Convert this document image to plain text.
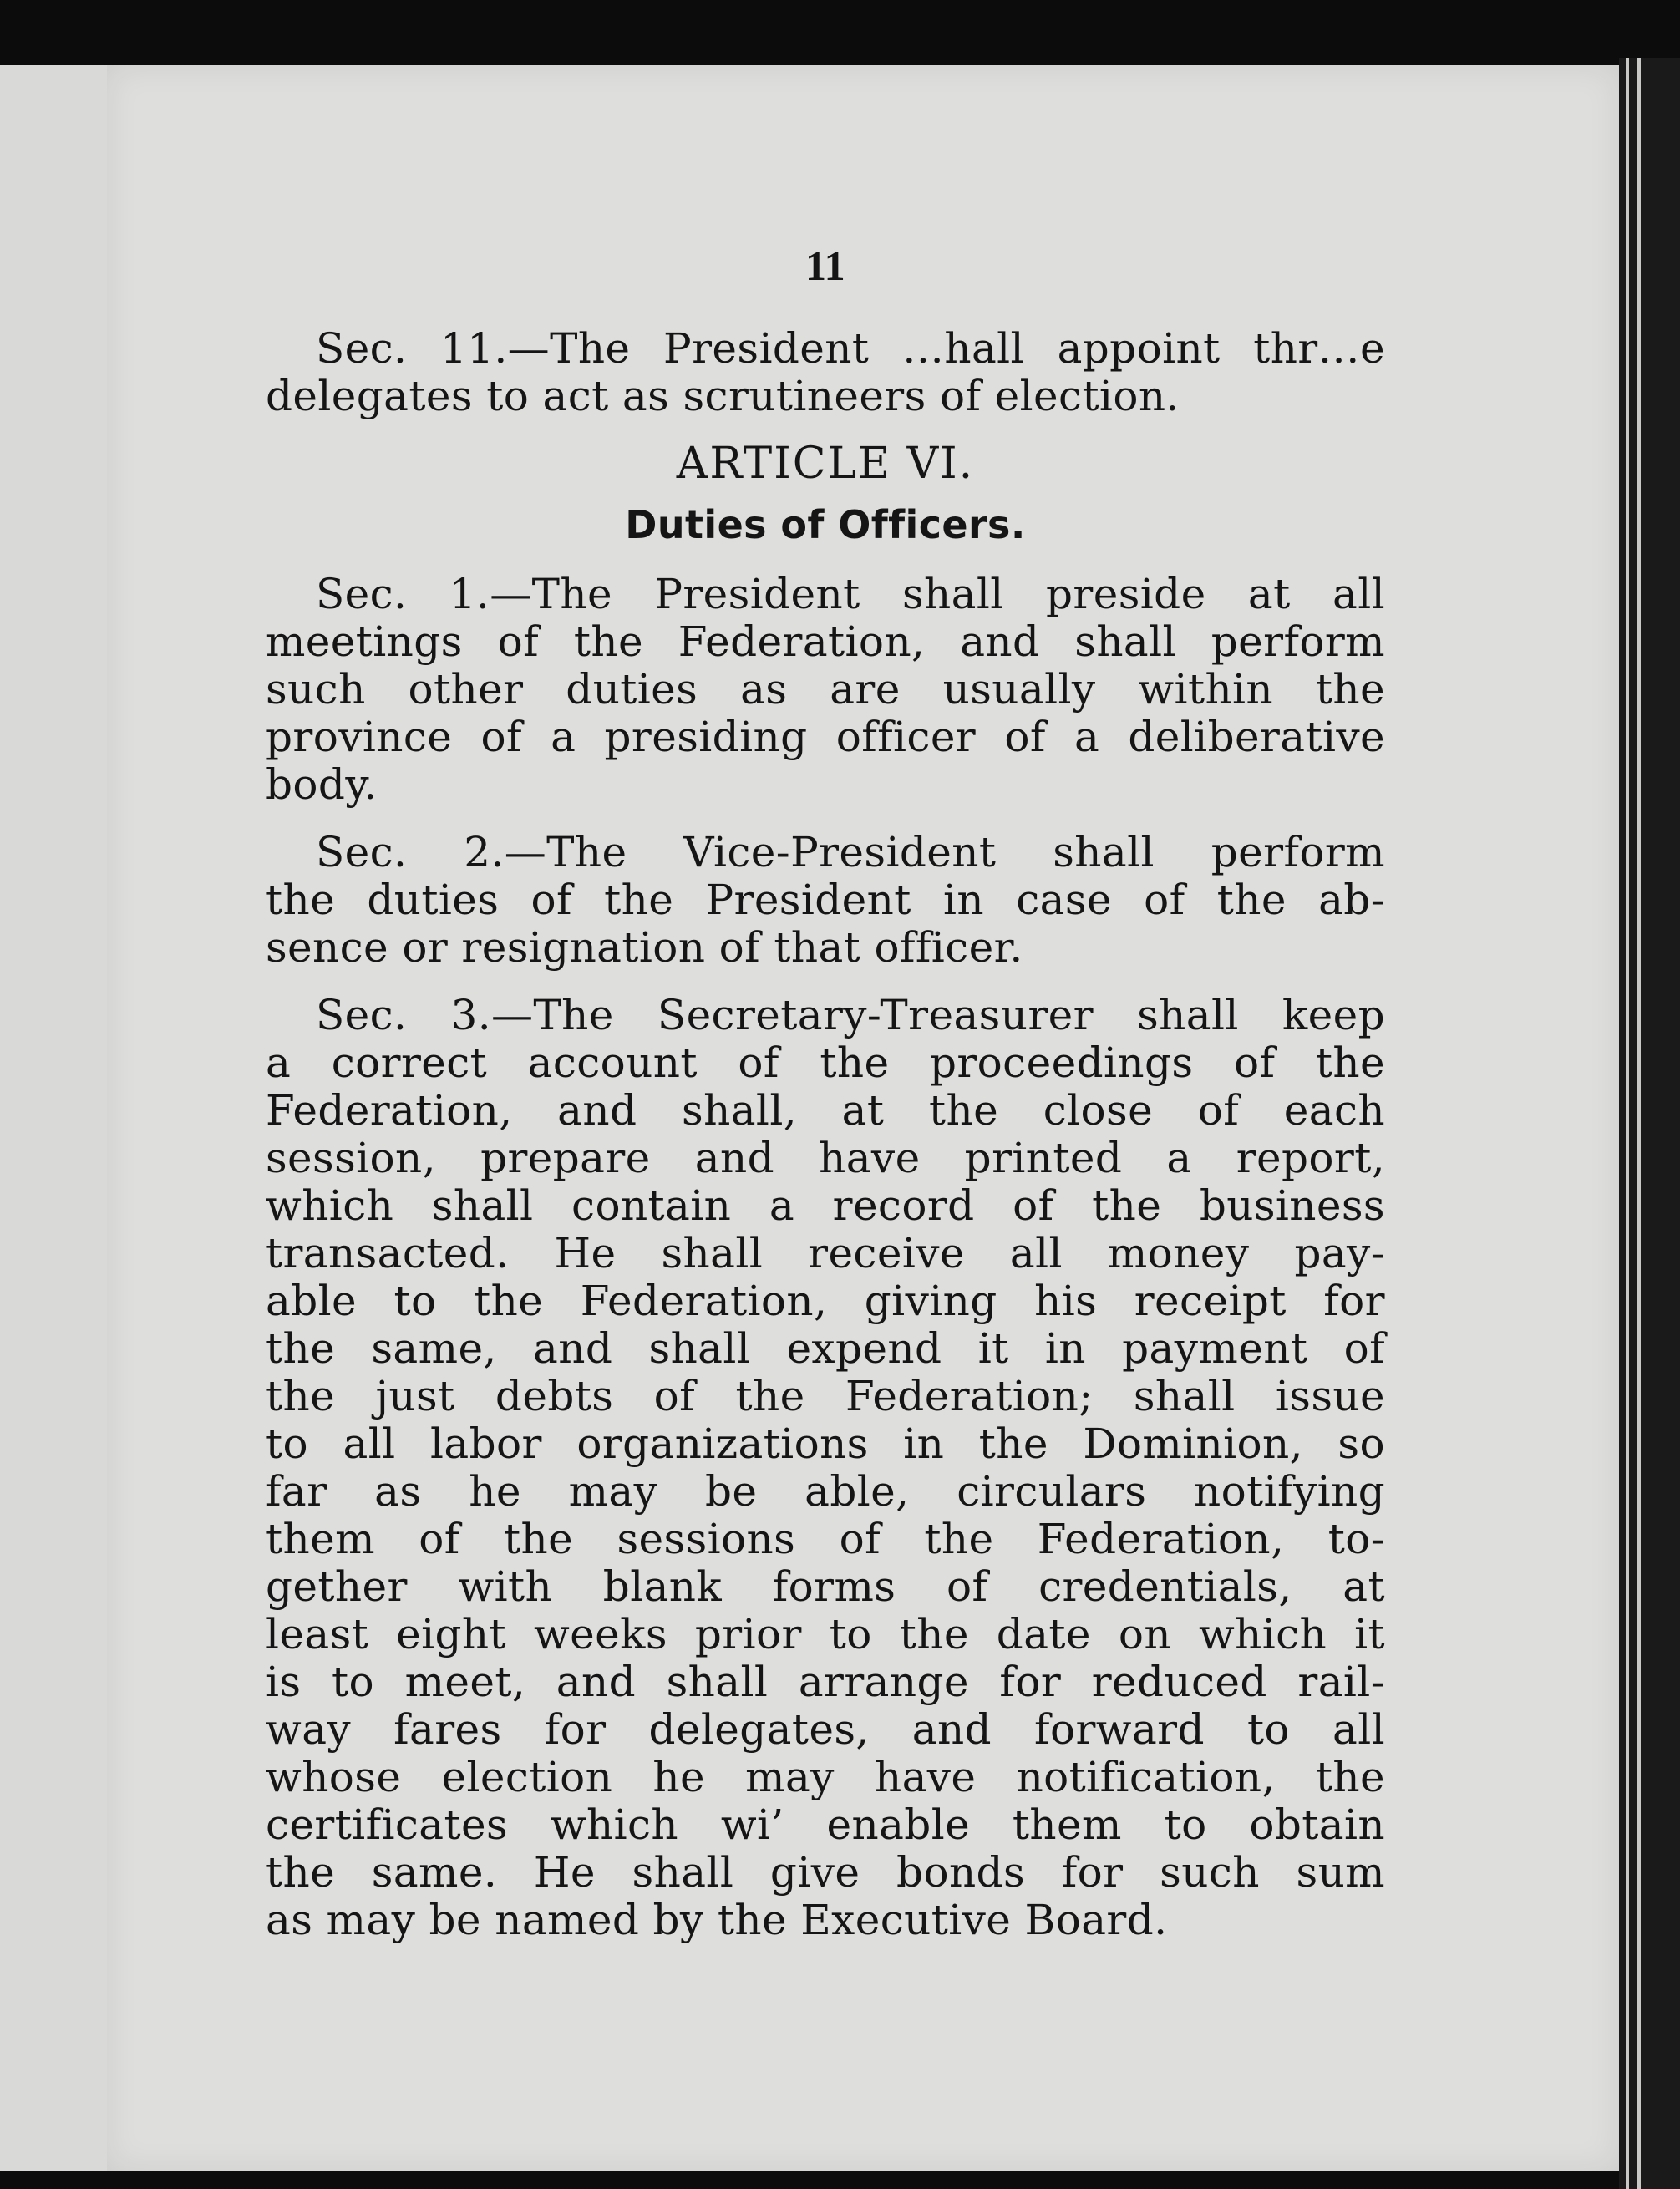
11
Sec. 11.—The President …hall appoint thr…e
delegates to act as scrutineers of election.
ARTICLE VI.
Duties of Officers.
Sec. 1.—The President shall preside at all
meetings of the Federation, and shall perform
such other duties as are usually within the
province of a presiding officer of a deliberative
body.
Sec. 2.—The Vice-President shall perform
the duties of the President in case of the ab-
sence or resignation of that officer.
Sec. 3.—The Secretary-Treasurer shall keep
a correct account of the proceedings of the
Federation, and shall, at the close of each
session, prepare and have printed a report,
which shall contain a record of the business
transacted. He shall receive all money pay-
able to the Federation, giving his receipt for
the same, and shall expend it in payment of
the just debts of the Federation; shall issue
to all labor organizations in the Dominion, so
far as he may be able, circulars notifying
them of the sessions of the Federation, to-
gether with blank forms of credentials, at
least eight weeks prior to the date on which it
is to meet, and shall arrange for reduced rail-
way fares for delegates, and forward to all
whose election he may have notification, the
certificates which wi’ enable them to obtain
the same. He shall give bonds for such sum
as may be named by the Executive Board.
